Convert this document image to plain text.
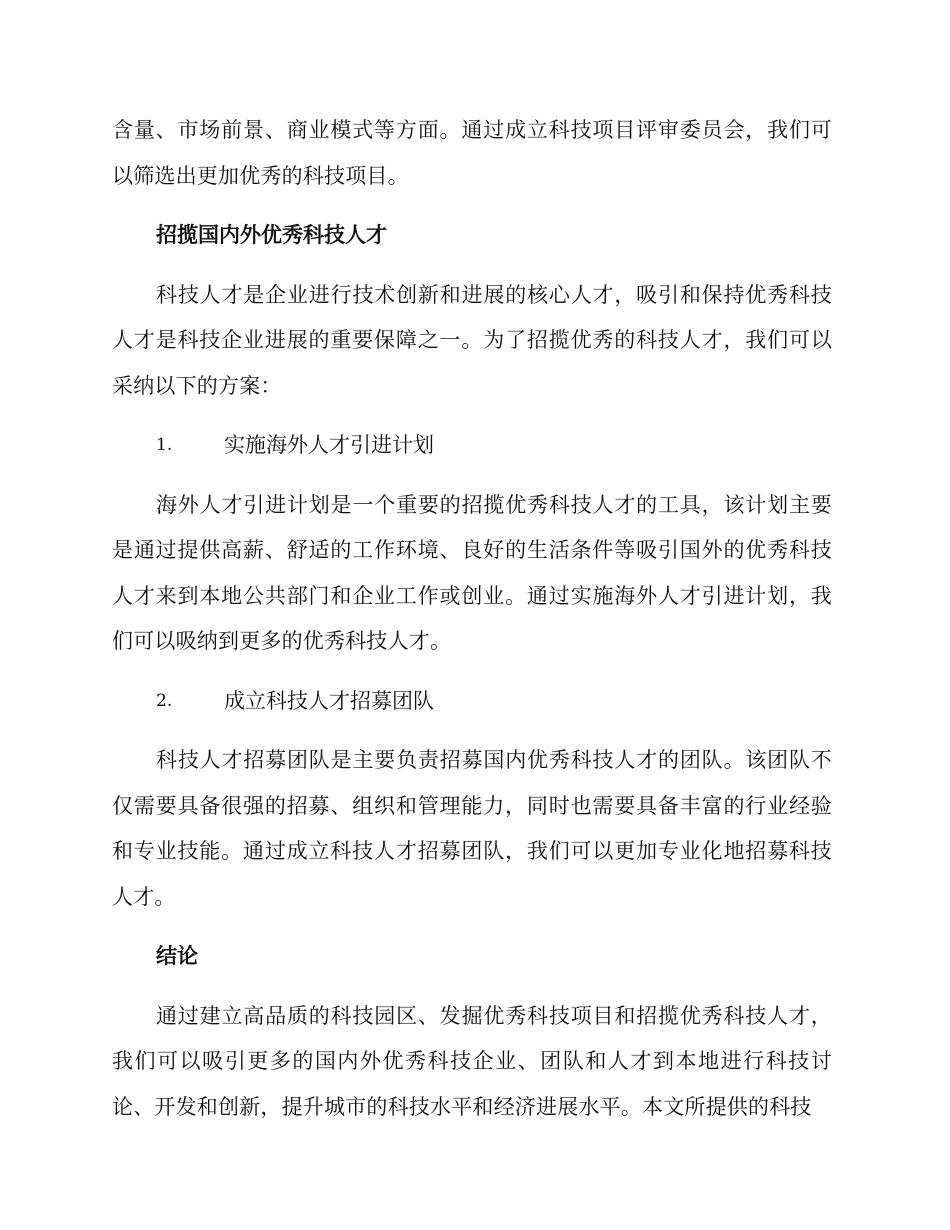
含量、市场前景、商业模式等方面。通过成立科技项目评审委员会，我们可以筛选出更加优秀的科技项目。

招揽国内外优秀科技人才

科技人才是企业进行技术创新和进展的核心人才，吸引和保持优秀科技人才是科技企业进展的重要保障之一。为了招揽优秀的科技人才，我们可以采纳以下的方案：

1.	实施海外人才引进计划

海外人才引进计划是一个重要的招揽优秀科技人才的工具，该计划主要是通过提供高薪、舒适的工作环境、良好的生活条件等吸引国外的优秀科技人才来到本地公共部门和企业工作或创业。通过实施海外人才引进计划，我们可以吸纳到更多的优秀科技人才。

2.	成立科技人才招募团队

科技人才招募团队是主要负责招募国内优秀科技人才的团队。该团队不仅需要具备很强的招募、组织和管理能力，同时也需要具备丰富的行业经验和专业技能。通过成立科技人才招募团队，我们可以更加专业化地招募科技人才。

结论

通过建立高品质的科技园区、发掘优秀科技项目和招揽优秀科技人才，我们可以吸引更多的国内外优秀科技企业、团队和人才到本地进行科技讨论、开发和创新，提升城市的科技水平和经济进展水平。本文所提供的科技
